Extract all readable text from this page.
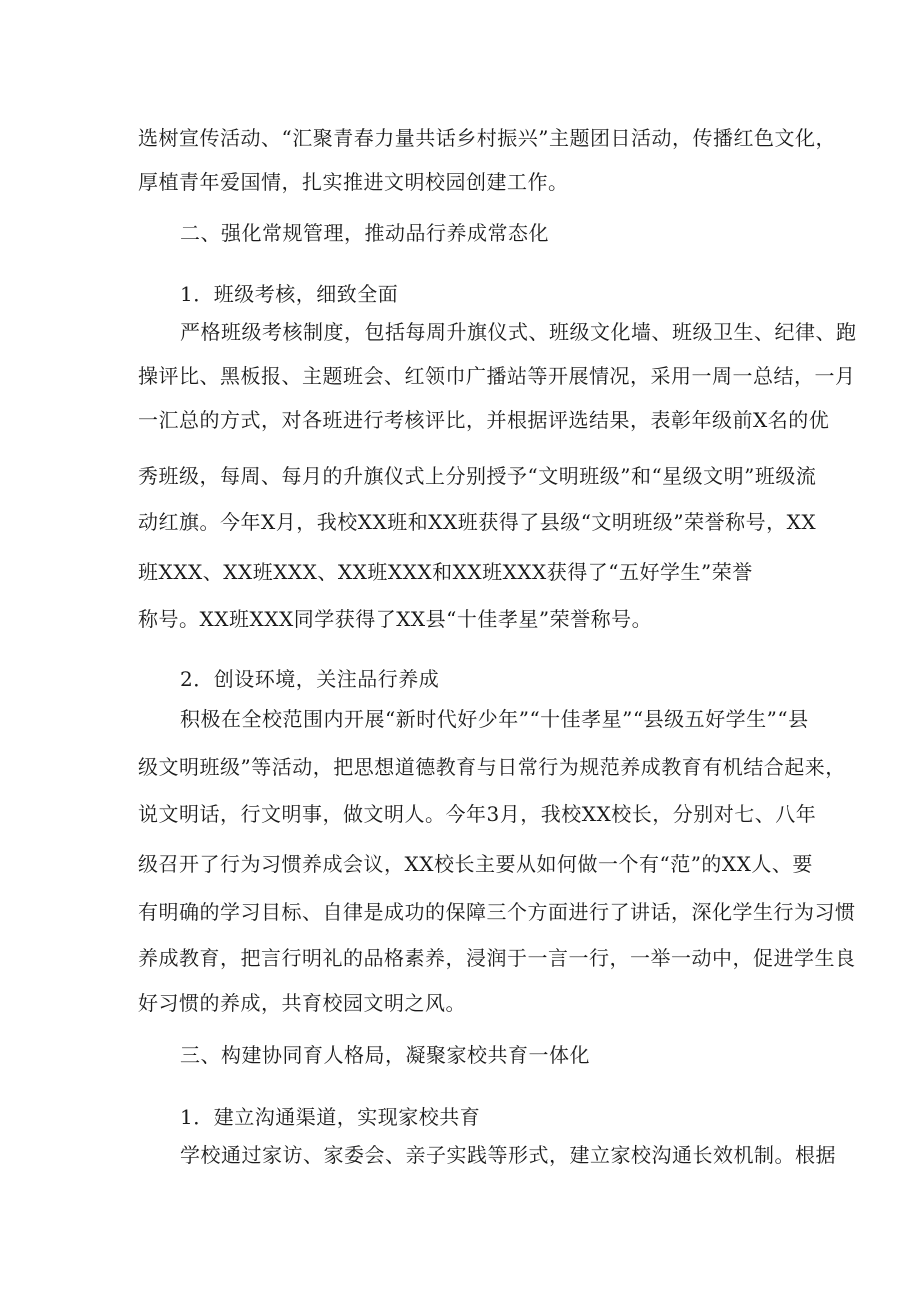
选树宣传活动、“汇聚青春力量共话乡村振兴”主题团日活动，传播红色文化，
厚植青年爱国情，扎实推进文明校园创建工作。
二、强化常规管理，推动品行养成常态化
1．班级考核，细致全面
严格班级考核制度，包括每周升旗仪式、班级文化墙、班级卫生、纪律、跑
操评比、黑板报、主题班会、红领巾广播站等开展情况，采用一周一总结，一月
一汇总的方式，对各班进行考核评比，并根据评选结果，表彰年级前X名的优
秀班级，每周、每月的升旗仪式上分别授予“文明班级”和“星级文明”班级流
动红旗。今年X月，我校XX班和XX班获得了县级“文明班级”荣誉称号，XX
班XXX、XX班XXX、XX班XXX和XX班XXX获得了“五好学生”荣誉
称号。XX班XXX同学获得了XX县“十佳孝星”荣誉称号。
2．创设环境，关注品行养成
积极在全校范围内开展“新时代好少年”“十佳孝星”“县级五好学生”“县
级文明班级”等活动，把思想道德教育与日常行为规范养成教育有机结合起来，
说文明话，行文明事，做文明人。今年3月，我校XX校长，分别对七、八年
级召开了行为习惯养成会议，XX校长主要从如何做一个有“范”的XX人、要
有明确的学习目标、自律是成功的保障三个方面进行了讲话，深化学生行为习惯
养成教育，把言行明礼的品格素养，浸润于一言一行，一举一动中，促进学生良
好习惯的养成，共育校园文明之风。
三、构建协同育人格局，凝聚家校共育一体化
1．建立沟通渠道，实现家校共育
学校通过家访、家委会、亲子实践等形式，建立家校沟通长效机制。根据
